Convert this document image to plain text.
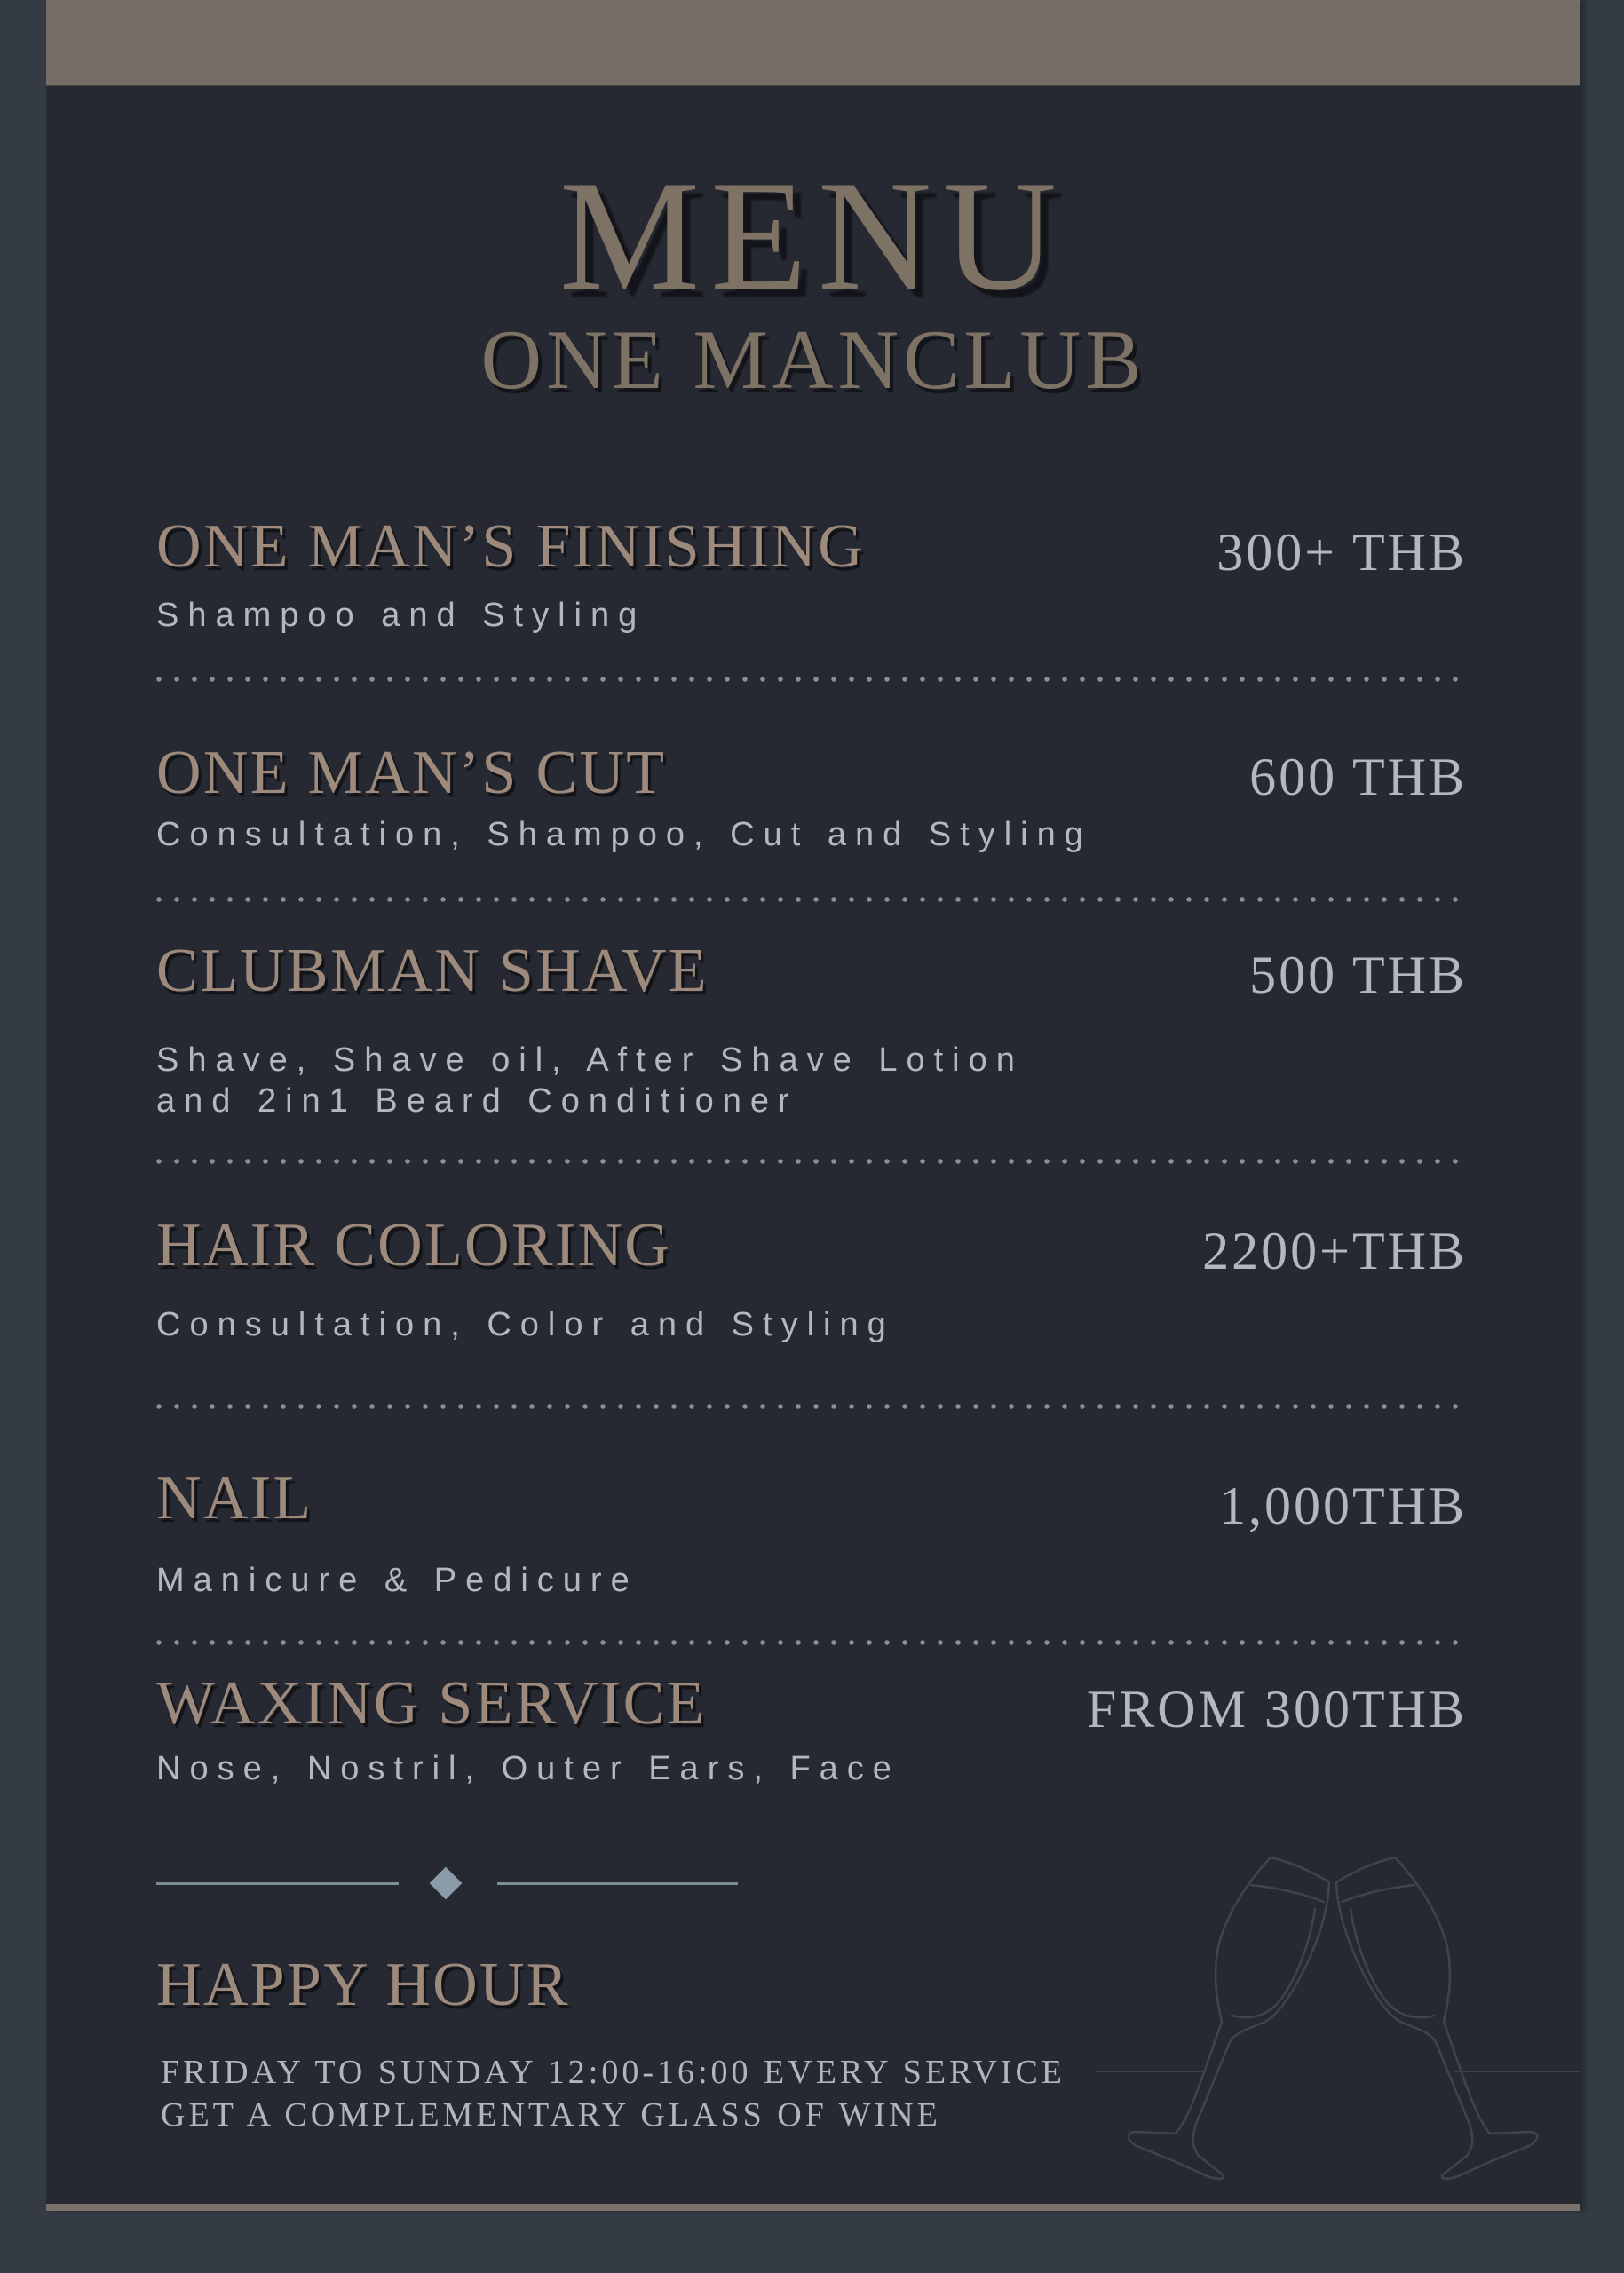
MENU
ONE MANCLUB
ONE MAN’S FINISHING	300+ THB
Shampoo and Styling
ONE MAN’S CUT	600 THB
Consultation, Shampoo, Cut and Styling
CLUBMAN SHAVE	500 THB
Shave, Shave oil, After Shave Lotion
and 2in1 Beard Conditioner
HAIR COLORING	2200+THB
Consultation, Color and Styling
NAIL	1,000THB
Manicure & Pedicure
WAXING SERVICE	FROM 300THB
Nose, Nostril, Outer Ears, Face
HAPPY HOUR
FRIDAY TO SUNDAY 12:00-16:00 EVERY SERVICE
GET A COMPLEMENTARY GLASS OF WINE
